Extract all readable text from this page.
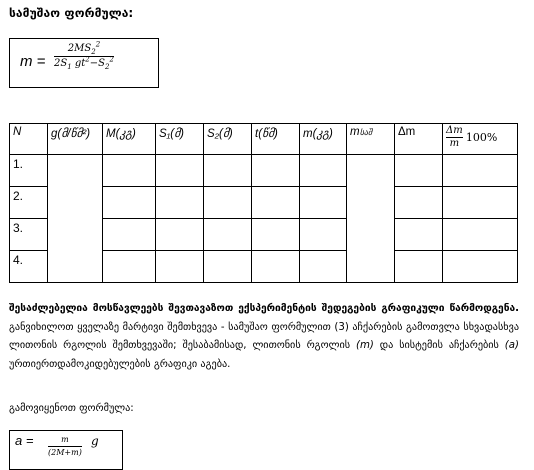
სამუშაო ფორმულა:
m =
$2MS_2^2$
$2S_1$ $gt^2-S_2^2$
N	g(მ/წმ²)	M(კგ)	S₁(მ)	S₂(მ)	t(წმ)	m(კგ)	mსაშ	Δm	$\frac{\Delta m}{m} 100\%$
1.									
2.									
3.									
4.									
შესაძლებელია მოსწავლეებს შევთავაზოთ ექსპერიმენტის შედეგების გრაფიკული წარმოდგენა. განვიხილოთ ყველაზე მარტივი შემთხვევა - სამუშაო ფორმულით (3) აჩქარების გამოთვლა სხვადასხვა ლითონის რგოლის შემთხვევაში; შესაბამისად, ლითონის რგოლის (m) და სისტემის აჩქარების (a) ურთიერთდამოკიდებულების გრაფიკი აგება.
გამოვიყენოთ ფორმულა:
a =	m
(2M+m)
g
